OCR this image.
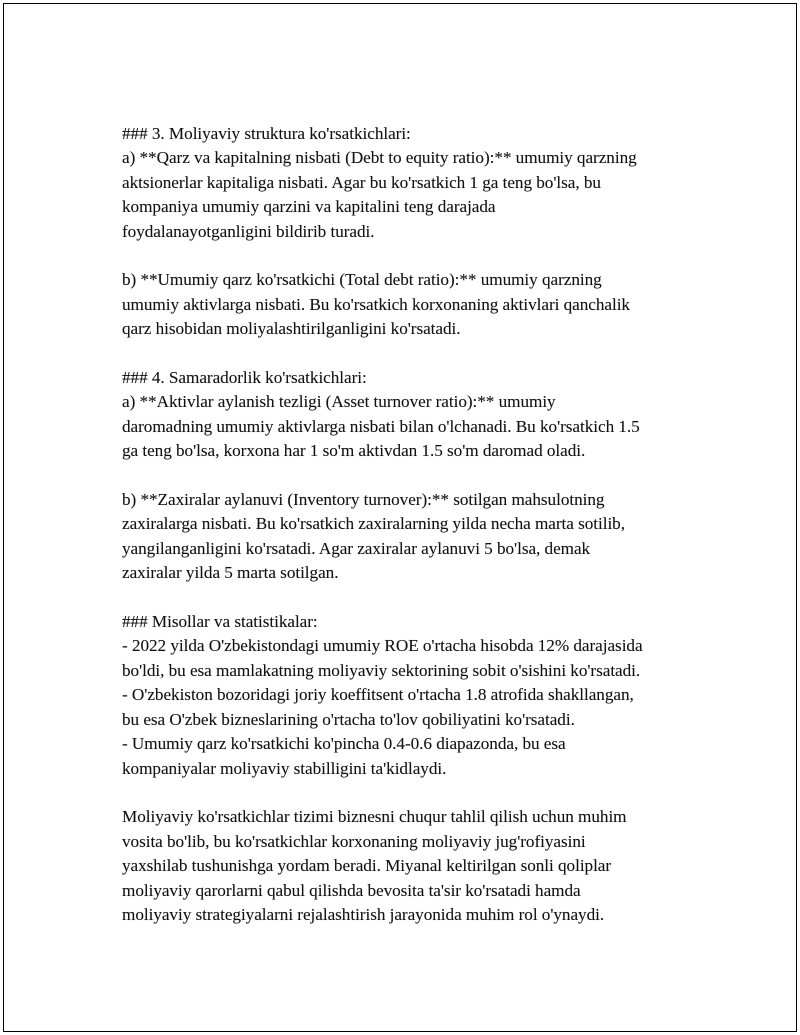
### 3. Moliyaviy struktura ko'rsatkichlari:
a) **Qarz va kapitalning nisbati (Debt to equity ratio):** umumiy qarzning
aktsionerlar kapitaliga nisbati. Agar bu ko'rsatkich 1 ga teng bo'lsa, bu
kompaniya umumiy qarzini va kapitalini teng darajada
foydalanayotganligini bildirib turadi.

b) **Umumiy qarz ko'rsatkichi (Total debt ratio):** umumiy qarzning
umumiy aktivlarga nisbati. Bu ko'rsatkich korxonaning aktivlari qanchalik
qarz hisobidan moliyalashtirilganligini ko'rsatadi.

### 4. Samaradorlik ko'rsatkichlari:
a) **Aktivlar aylanish tezligi (Asset turnover ratio):** umumiy
daromadning umumiy aktivlarga nisbati bilan o'lchanadi. Bu ko'rsatkich 1.5
ga teng bo'lsa, korxona har 1 so'm aktivdan 1.5 so'm daromad oladi.

b) **Zaxiralar aylanuvi (Inventory turnover):** sotilgan mahsulotning
zaxiralarga nisbati. Bu ko'rsatkich zaxiralarning yilda necha marta sotilib,
yangilanganligini ko'rsatadi. Agar zaxiralar aylanuvi 5 bo'lsa, demak
zaxiralar yilda 5 marta sotilgan.

### Misollar va statistikalar:
- 2022 yilda O'zbekistondagi umumiy ROE o'rtacha hisobda 12% darajasida
bo'ldi, bu esa mamlakatning moliyaviy sektorining sobit o'sishini ko'rsatadi.
- O'zbekiston bozoridagi joriy koeffitsent o'rtacha 1.8 atrofida shakllangan,
bu esa O'zbek bizneslarining o'rtacha to'lov qobiliyatini ko'rsatadi.
- Umumiy qarz ko'rsatkichi ko'pincha 0.4-0.6 diapazonda, bu esa
kompaniyalar moliyaviy stabilligini ta'kidlaydi.

Moliyaviy ko'rsatkichlar tizimi biznesni chuqur tahlil qilish uchun muhim
vosita bo'lib, bu ko'rsatkichlar korxonaning moliyaviy jug'rofiyasini
yaxshilab tushunishga yordam beradi. Miyanal keltirilgan sonli qoliplar
moliyaviy qarorlarni qabul qilishda bevosita ta'sir ko'rsatadi hamda
moliyaviy strategiyalarni rejalashtirish jarayonida muhim rol o'ynaydi.
